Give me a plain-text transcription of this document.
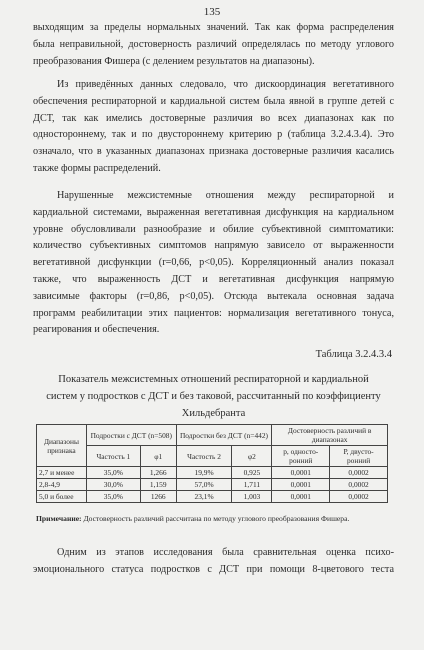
135
выходящим за пределы нормальных значений. Так как форма распределения
была неправильной, достоверность различий определялась по методу углового
преобразования Фишера (с делением результатов на диапазоны).
Из приведённых данных следовало, что дискоординация вегетативного
обеспечения респираторной и кардиальной систем была явной в группе детей с
ДСТ, так как имелись достоверные различия во всех диапазонах как по
одностороннему, так и по двустороннему критерию р (таблица 3.2.4.3.4). Это
означало, что в указанных диапазонах признака достоверные различия касались
также формы распределений.
Нарушенные межсистемные отношения между респираторной и
кардиальной системами, выраженная вегетативная дисфункция на кардиальном
уровне обусловливали разнообразие и обилие субъективной симптоматики:
количество субъективных симптомов напрямую зависело от выраженности
вегетативной дисфункции (r=0,66, p<0,05). Корреляционный анализ показал
также, что выраженность ДСТ и вегетативная дисфункция напрямую
зависимые факторы (r=0,86, p<0,05). Отсюда вытекала основная задача
программ реабилитации этих пациентов: нормализация вегетативного тонуса,
реагирования и обеспечения.
Таблица 3.2.4.3.4
Показатель межсистемных отношений респираторной и кардиальной
систем у подростков с ДСТ и без таковой, рассчитанный по коэффициенту
Хильдебранта
Диапазоны признака	Подростки с ДСТ (n=508)		Подростки без ДСТ (n=442)		Достоверность различий в диапазонах	
	Частость 1	φ1	Частость 2	φ2	р, односто-ронний	Р, двусто-ронний
2,7 и менее	35,0%	1,266	19,9%	0,925	0,0001	0,0002
2,8-4,9	30,0%	1,159	57,0%	1,711	0,0001	0,0002
5,0 и более	35,0%	1266	23,1%	1,003	0,0001	0,0002
Примечание: Достоверность различий рассчитана по методу углового преобразования Фишера.
Одним из этапов исследования была сравнительная оценка психо-
эмоционального статуса подростков с ДСТ при помощи 8-цветового теста
